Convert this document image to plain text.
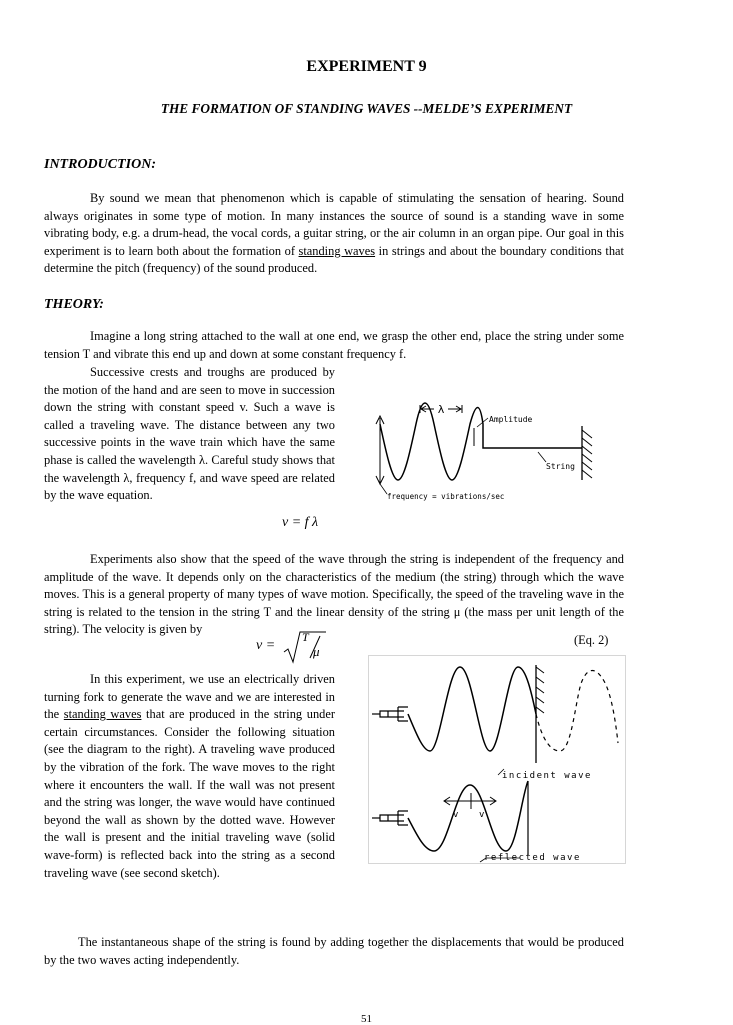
EXPERIMENT 9
THE FORMATION OF STANDING WAVES --MELDE’S EXPERIMENT
INTRODUCTION:
By sound we mean that phenomenon which is capable of stimulating the sensation of hearing. Sound always originates in some type of motion. In many instances the source of sound is a standing wave in some vibrating body, e.g. a drum-head, the vocal cords, a guitar string, or the air column in an organ pipe. Our goal in this experiment is to learn both about the formation of standing waves in strings and about the boundary conditions that determine the pitch (frequency) of the sound produced.
THEORY:
Imagine a long string attached to the wall at one end, we grasp the other end, place the string under some tension T and vibrate this end up and down at some constant frequency f.
Successive crests and troughs are produced by the motion of the hand and are seen to move in succession down the string with constant speed v. Such a wave is called a traveling wave. The distance between any two successive points in the wave train which have the same phase is called the wavelength λ. Careful study shows that the wavelength λ, frequency f, and wave speed are related by the wave equation.
v = f λ
λ
Amplitude
String
frequency = vibrations/sec
Experiments also show that the speed of the wave through the string is independent of the frequency and amplitude of the wave. It depends only on the characteristics of the medium (the string) through which the wave moves. This is a general property of many types of wave motion. Specifically, the speed of the traveling wave in the string is related to the tension in the string T and the linear density of the string μ (the mass per unit length of the string). The velocity is given by
v =
T
μ
(Eq. 2)
incident wave
v v
reflected wave
In this experiment, we use an electrically driven turning fork to generate the wave and we are interested in the standing waves that are produced in the string under certain circumstances. Consider the following situation (see the diagram to the right). A traveling wave produced by the vibration of the fork. The wave moves to the right where it encounters the wall. If the wall was not present and the string was longer, the wave would have continued beyond the wall as shown by the dotted wave. However the wall is present and the initial traveling wave (solid wave-form) is reflected back into the string as a second traveling wave (see second sketch).
The instantaneous shape of the string is found by adding together the displacements that would be produced by the two waves acting independently.
51
